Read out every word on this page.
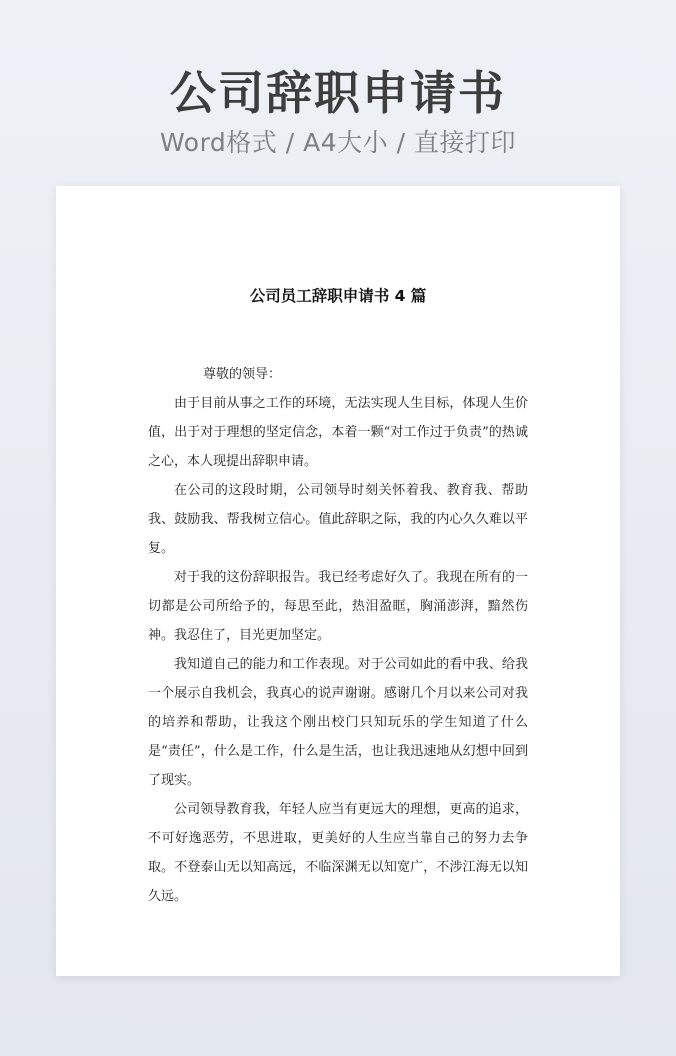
公司辞职申请书
Word格式 / A4大小 / 直接打印
公司员工辞职申请书 4 篇
尊敬的领导：
由于目前从事之工作的环境，无法实现人生目标，体现人生价值，出于对于理想的坚定信念，本着一颗“对工作过于负责”的热诚之心，本人现提出辞职申请。
在公司的这段时期，公司领导时刻关怀着我、教育我、帮助我、鼓励我、帮我树立信心。值此辞职之际，我的内心久久难以平复。
对于我的这份辞职报告。我已经考虑好久了。我现在所有的一切都是公司所给予的，每思至此，热泪盈眶，胸涌澎湃，黯然伤神。我忍住了，目光更加坚定。
我知道自己的能力和工作表现。对于公司如此的看中我、给我一个展示自我机会，我真心的说声谢谢。感谢几个月以来公司对我的培养和帮助，让我这个刚出校门只知玩乐的学生知道了什么是“责任”，什么是工作，什么是生活，也让我迅速地从幻想中回到了现实。
公司领导教育我，年轻人应当有更远大的理想，更高的追求，不可好逸恶劳，不思进取，更美好的人生应当靠自己的努力去争取。不登泰山无以知高远，不临深渊无以知宽广，不涉江海无以知久远。
